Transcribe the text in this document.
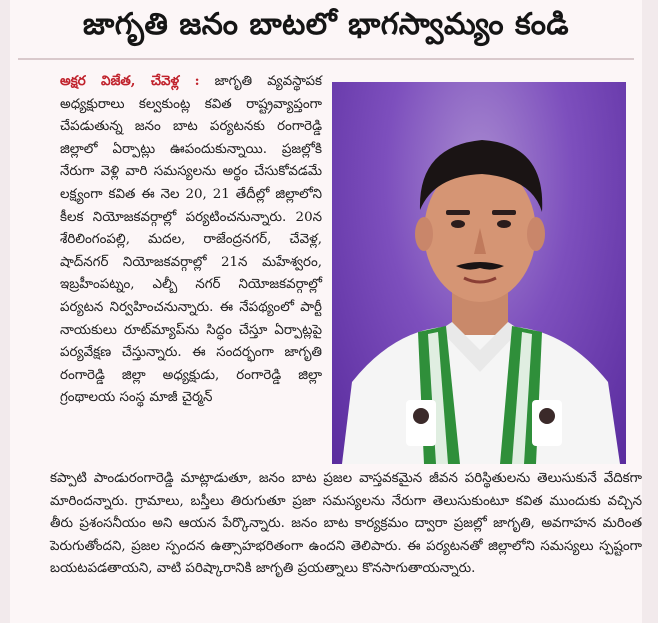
జాగృతి జనం బాటలో భాగస్వామ్యం కండి

అక్షర విజేత, చేవెళ్ల : జాగృతి వ్యవస్థాపక అధ్యక్షురాలు కల్వకుంట్ల కవిత రాష్ట్రవ్యాప్తంగా చేపడుతున్న జనం బాట పర్యటనకు రంగారెడ్డి జిల్లాలో ఏర్పాట్లు ఊపందుకున్నాయి. ప్రజల్లోకి నేరుగా వెళ్లి వారి సమస్యలను అర్థం చేసుకోవడమే లక్ష్యంగా కవిత ఈ నెల 20, 21 తేదీల్లో జిల్లాలోని కీలక నియోజకవర్గాల్లో పర్యటించనున్నారు. 20న శేరిలింగంపల్లి, మదల, రాజేంద్రనగర్, చేవెళ్ల, షాద్‌నగర్ నియోజకవర్గాల్లో 21న మహేశ్వరం, ఇబ్రహీంపట్నం, ఎల్బీ నగర్ నియోజకవర్గాల్లో పర్యటన నిర్వహించనున్నారు. ఈ నేపథ్యంలో పార్టీ నాయకులు రూట్‌మ్యాప్‌ను సిద్ధం చేస్తూ ఏర్పాట్లపై పర్యవేక్షణ చేస్తున్నారు. ఈ సందర్భంగా జాగృతి రంగారెడ్డి జిల్లా అధ్యక్షుడు, రంగారెడ్డి జిల్లా గ్రంథాలయ సంస్థ మాజీ చైర్మన్

కప్పాటి పాండురంగారెడ్డి మాట్లాడుతూ, జనం బాట ప్రజల వాస్తవకమైన జీవన పరిస్థితులను తెలుసుకునే వేదికగా మారిందన్నారు. గ్రామాలు, బస్తీలు తిరుగుతూ ప్రజా సమస్యలను నేరుగా తెలుసుకుంటూ కవిత ముందుకు వచ్చిన తీరు ప్రశంసనీయం అని ఆయన పేర్కొన్నారు. జనం బాట కార్యక్రమం ద్వారా ప్రజల్లో జాగృతి, అవగాహన మరింత పెరుగుతోందని, ప్రజల స్పందన ఉత్సాహభరితంగా ఉందని తెలిపారు. ఈ పర్యటనతో జిల్లాలోని సమస్యలు స్పష్టంగా బయటపడతాయని, వాటి పరిష్కారానికి జాగృతి ప్రయత్నాలు కొనసాగుతాయన్నారు.
